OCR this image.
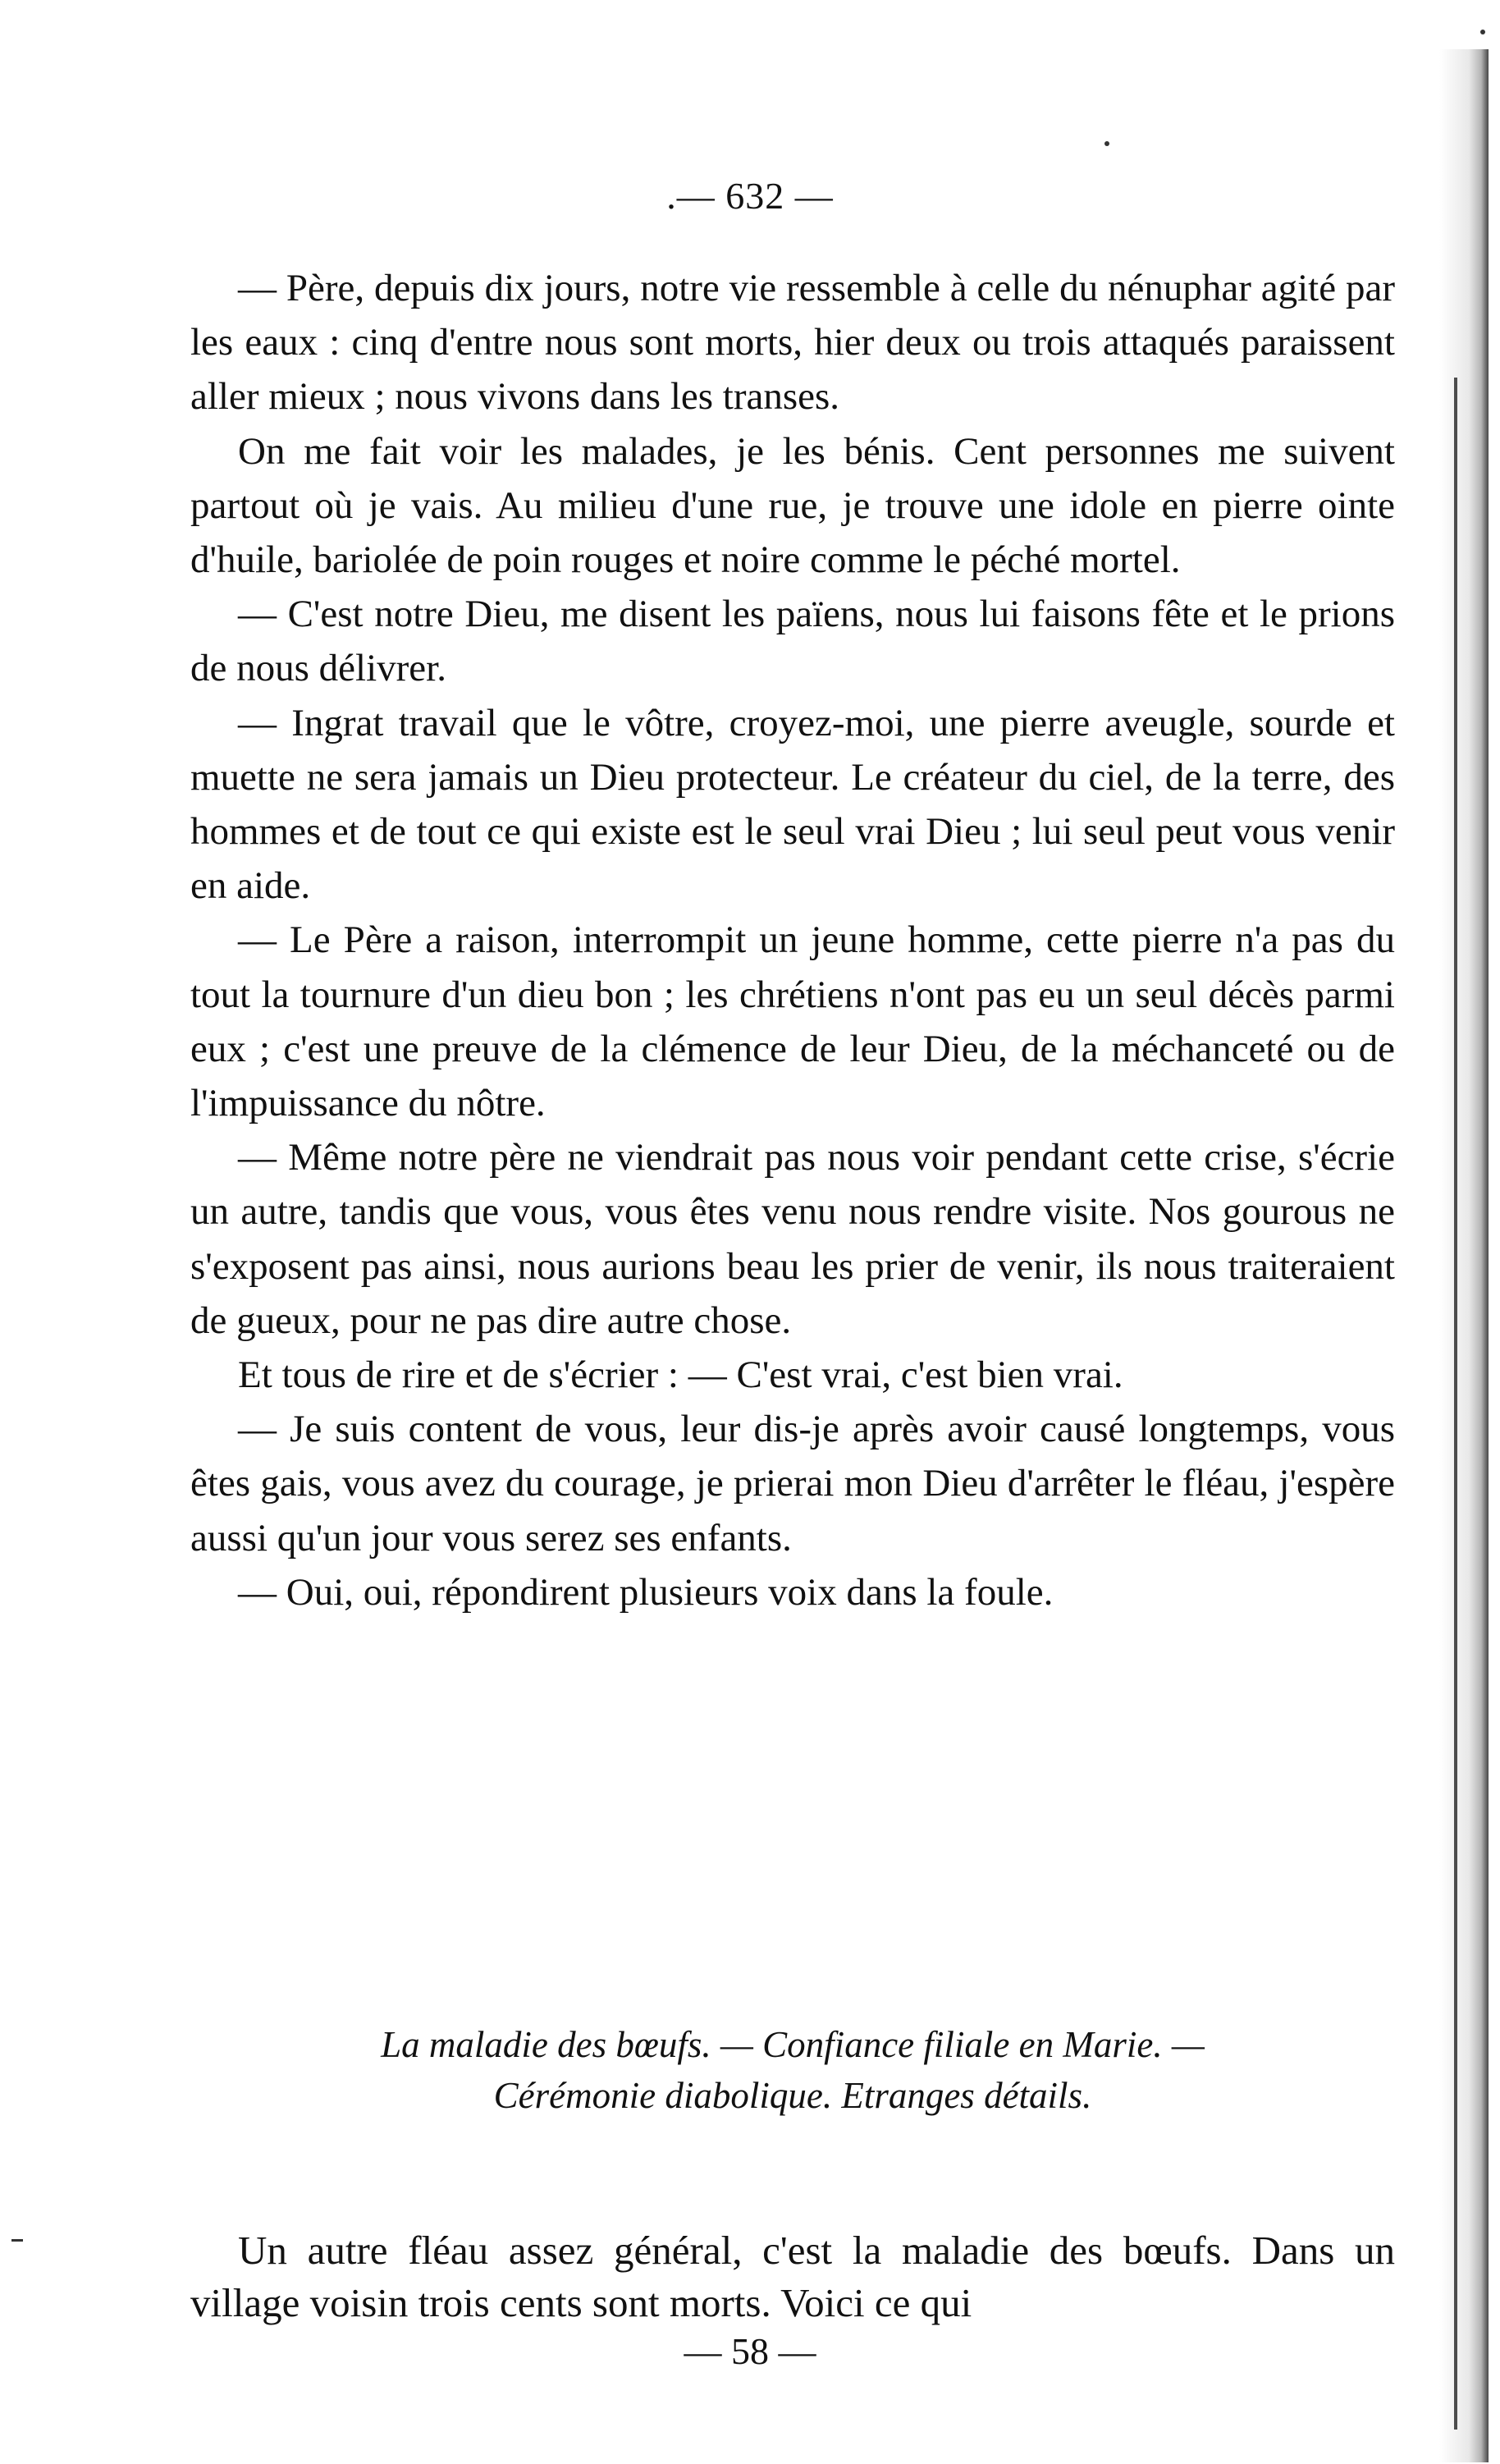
.— 632 —

— Père, depuis dix jours, notre vie ressemble à celle du nénuphar agité par les eaux : cinq d'entre nous sont morts, hier deux ou trois attaqués paraissent aller mieux ; nous vivons dans les transes.

On me fait voir les malades, je les bénis. Cent personnes me suivent partout où je vais. Au milieu d'une rue, je trouve une idole en pierre ointe d'huile, bariolée de poin rouges et noire comme le péché mortel.

— C'est notre Dieu, me disent les païens, nous lui faisons fête et le prions de nous délivrer.

— Ingrat travail que le vôtre, croyez-moi, une pierre aveugle, sourde et muette ne sera jamais un Dieu protecteur. Le créateur du ciel, de la terre, des hommes et de tout ce qui existe est le seul vrai Dieu ; lui seul peut vous venir en aide.

— Le Père a raison, interrompit un jeune homme, cette pierre n'a pas du tout la tournure d'un dieu bon ; les chrétiens n'ont pas eu un seul décès parmi eux ; c'est une preuve de la clémence de leur Dieu, de la méchanceté ou de l'impuissance du nôtre.

— Même notre père ne viendrait pas nous voir pendant cette crise, s'écrie un autre, tandis que vous, vous êtes venu nous rendre visite. Nos gourous ne s'exposent pas ainsi, nous aurions beau les prier de venir, ils nous traiteraient de gueux, pour ne pas dire autre chose.

Et tous de rire et de s'écrier : — C'est vrai, c'est bien vrai.

— Je suis content de vous, leur dis-je après avoir causé longtemps, vous êtes gais, vous avez du courage, je prierai mon Dieu d'arrêter le fléau, j'espère aussi qu'un jour vous serez ses enfants.

— Oui, oui, répondirent plusieurs voix dans la foule.

La maladie des bœufs. — Confiance filiale en Marie. —
Cérémonie diabolique. Etranges détails.

Un autre fléau assez général, c'est la maladie des bœufs. Dans un village voisin trois cents sont morts. Voici ce qui

— 58 —
